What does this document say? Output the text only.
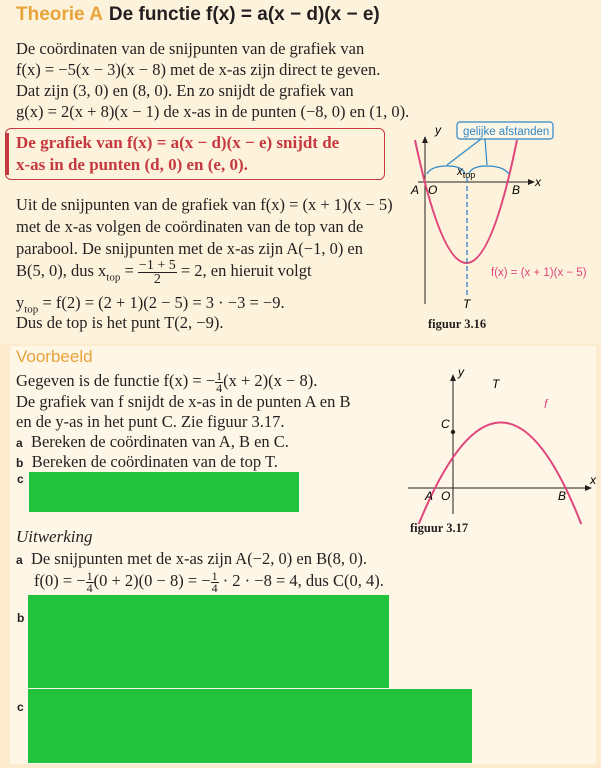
Theorie A De functie f(x) = a(x − d)(x − e)
De coördinaten van de snijpunten van de grafiek van
f(x) = −5(x − 3)(x − 8) met de x-as zijn direct te geven.
Dat zijn (3, 0) en (8, 0). En zo snijdt de grafiek van
g(x) = 2(x + 8)(x − 1) de x-as in de punten (−8, 0) en (1, 0).
De grafiek van f(x) = a(x − d)(x − e) snijdt de
x-as in de punten (d, 0) en (e, 0).
Uit de snijpunten van de grafiek van f(x) = (x + 1)(x − 5)
met de x-as volgen de coördinaten van de top van de
parabool. De snijpunten met de x-as zijn A(−1, 0) en
B(5, 0), dus $x_{top} = \frac{-1 + 5}{2} = 2$, en hieruit volgt
$y_{top} = f(2) = (2 + 1)(2 - 5) = 3 \cdot -3 = -9$.
Dus de top is het punt T(2, −9).
gelijke afstanden
y
x
$x_{top}$
A O	B
T
f(x) = (x + 1)(x − 5)
figuur 3.16
Voorbeeld
Gegeven is de functie f(x) = − $\frac{1}{4} (x + 2)(x - 8)$.
De grafiek van f snijdt de x-as in de punten A en B
en de y-as in het punt C. Zie figuur 3.17.
a Bereken de coördinaten van A, B en C.
b Bereken de coördinaten van de top T.
c
y
x
T
f
C
A O	B
figuur 3.17
Uitwerking
a De snijpunten met de x-as zijn A(−2, 0) en B(8, 0).
f(0) = − $\frac{1}{4} (0 + 2)(0 - 8)$ = − $\frac{1}{4} \cdot 2 \cdot -8 = 4$, dus C(0, 4).
b
c
